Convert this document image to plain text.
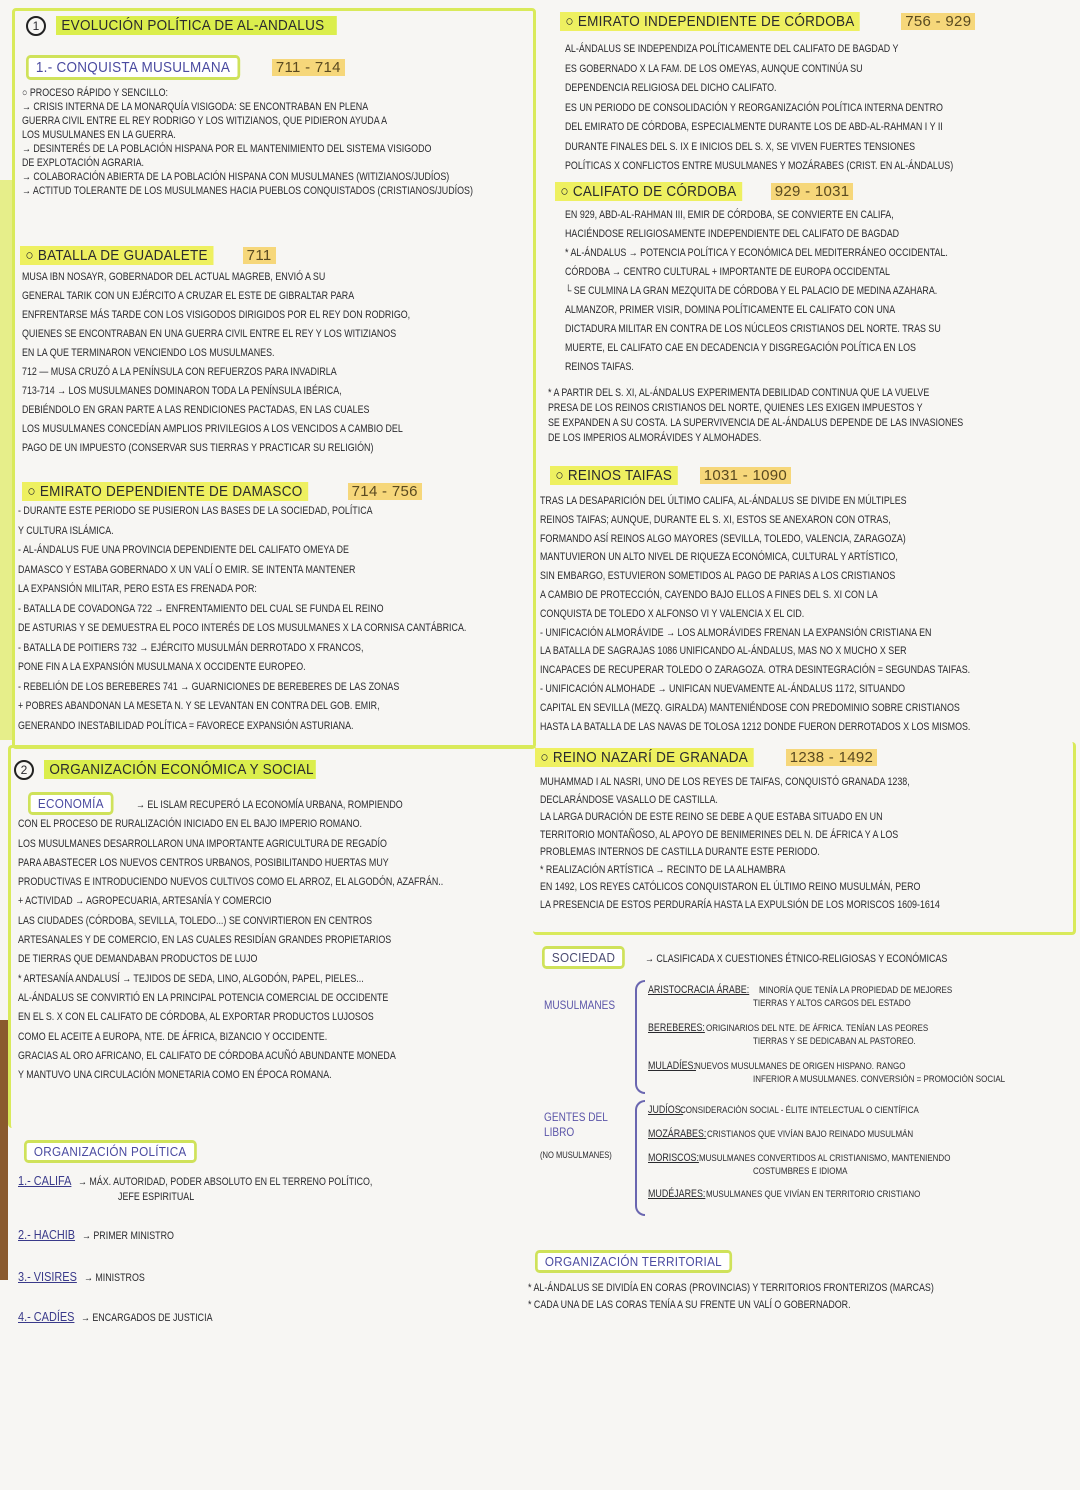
1 EVOLUCIÓN POLÍTICA DE AL-ANDALUS
1.- CONQUISTA MUSULMANA	711 - 714
○ PROCESO RÁPIDO Y SENCILLO:
→ CRISIS INTERNA DE LA MONARQUÍA VISIGODA: SE ENCONTRABAN EN PLENA
GUERRA CIVIL ENTRE EL REY RODRIGO Y LOS WITIZIANOS, QUE PIDIERON AYUDA A
LOS MUSULMANES EN LA GUERRA.
→ DESINTERÉS DE LA POBLACIÓN HISPANA POR EL MANTENIMIENTO DEL SISTEMA VISIGODO
DE EXPLOTACIÓN AGRARIA.
→ COLABORACIÓN ABIERTA DE LA POBLACIÓN HISPANA CON MUSULMANES (WITIZIANOS/JUDÍOS)
→ ACTITUD TOLERANTE DE LOS MUSULMANES HACIA PUEBLOS CONQUISTADOS (CRISTIANOS/JUDÍOS)
○ BATALLA DE GUADALETE	711
MUSA IBN NOSAYR, GOBERNADOR DEL ACTUAL MAGREB, ENVIÓ A SU
GENERAL TARIK CON UN EJÉRCITO A CRUZAR EL ESTE DE GIBRALTAR PARA
ENFRENTARSE MÁS TARDE CON LOS VISIGODOS DIRIGIDOS POR EL REY DON RODRIGO,
QUIENES SE ENCONTRABAN EN UNA GUERRA CIVIL ENTRE EL REY Y LOS WITIZIANOS
EN LA QUE TERMINARON VENCIENDO LOS MUSULMANES.
712 — MUSA CRUZÓ A LA PENÍNSULA CON REFUERZOS PARA INVADIRLA
713-714 → LOS MUSULMANES DOMINARON TODA LA PENÍNSULA IBÉRICA,
DEBIÉNDOLO EN GRAN PARTE A LAS RENDICIONES PACTADAS, EN LAS CUALES
LOS MUSULMANES CONCEDÍAN AMPLIOS PRIVILEGIOS A LOS VENCIDOS A CAMBIO DEL
PAGO DE UN IMPUESTO (CONSERVAR SUS TIERRAS Y PRACTICAR SU RELIGIÓN)
○ EMIRATO DEPENDIENTE DE DAMASCO	714 - 756
- DURANTE ESTE PERIODO SE PUSIERON LAS BASES DE LA SOCIEDAD, POLÍTICA
Y CULTURA ISLÁMICA.
- AL-ÁNDALUS FUE UNA PROVINCIA DEPENDIENTE DEL CALIFATO OMEYA DE
DAMASCO Y ESTABA GOBERNADO X UN VALÍ O EMIR. SE INTENTA MANTENER
LA EXPANSIÓN MILITAR, PERO ESTA ES FRENADA POR:
- BATALLA DE COVADONGA 722 → ENFRENTAMIENTO DEL CUAL SE FUNDA EL REINO
DE ASTURIAS Y SE DEMUESTRA EL POCO INTERÉS DE LOS MUSULMANES X LA CORNISA CANTÁBRICA.
- BATALLA DE POITIERS 732 → EJÉRCITO MUSULMÁN DERROTADO X FRANCOS,
PONE FIN A LA EXPANSIÓN MUSULMANA X OCCIDENTE EUROPEO.
- REBELIÓN DE LOS BEREBERES 741 → GUARNICIONES DE BEREBERES DE LAS ZONAS
+ POBRES ABANDONAN LA MESETA N. Y SE LEVANTAN EN CONTRA DEL GOB. EMIR,
GENERANDO INESTABILIDAD POLÍTICA = FAVORECE EXPANSIÓN ASTURIANA.
○ EMIRATO INDEPENDIENTE DE CÓRDOBA	756 - 929
AL-ÁNDALUS SE INDEPENDIZA POLÍTICAMENTE DEL CALIFATO DE BAGDAD Y
ES GOBERNADO X LA FAM. DE LOS OMEYAS, AUNQUE CONTINÚA SU
DEPENDENCIA RELIGIOSA DEL DICHO CALIFATO.
ES UN PERIODO DE CONSOLIDACIÓN Y REORGANIZACIÓN POLÍTICA INTERNA DENTRO
DEL EMIRATO DE CÓRDOBA, ESPECIALMENTE DURANTE LOS DE ABD-AL-RAHMAN I Y II
DURANTE FINALES DEL S. IX E INICIOS DEL S. X, SE VIVEN FUERTES TENSIONES
POLÍTICAS X CONFLICTOS ENTRE MUSULMANES Y MOZÁRABES (CRIST. EN AL-ÁNDALUS)
○ CALIFATO DE CÓRDOBA	929 - 1031
EN 929, ABD-AL-RAHMAN III, EMIR DE CÓRDOBA, SE CONVIERTE EN CALIFA,
HACIÉNDOSE RELIGIOSAMENTE INDEPENDIENTE DEL CALIFATO DE BAGDAD
* AL-ÁNDALUS → POTENCIA POLÍTICA Y ECONÓMICA DEL MEDITERRÁNEO OCCIDENTAL.
CÓRDOBA → CENTRO CULTURAL + IMPORTANTE DE EUROPA OCCIDENTAL
└ SE CULMINA LA GRAN MEZQUITA DE CÓRDOBA Y EL PALACIO DE MEDINA AZAHARA.
ALMANZOR, PRIMER VISIR, DOMINA POLÍTICAMENTE EL CALIFATO CON UNA
DICTADURA MILITAR EN CONTRA DE LOS NÚCLEOS CRISTIANOS DEL NORTE. TRAS SU
MUERTE, EL CALIFATO CAE EN DECADENCIA Y DISGREGACIÓN POLÍTICA EN LOS
REINOS TAIFAS.
* A PARTIR DEL S. XI, AL-ÁNDALUS EXPERIMENTA DEBILIDAD CONTINUA QUE LA VUELVE
PRESA DE LOS REINOS CRISTIANOS DEL NORTE, QUIENES LES EXIGEN IMPUESTOS Y
SE EXPANDEN A SU COSTA. LA SUPERVIVENCIA DE AL-ÁNDALUS DEPENDE DE LAS INVASIONES
DE LOS IMPERIOS ALMORÁVIDES Y ALMOHADES.
○ REINOS TAIFAS 1031 - 1090
TRAS LA DESAPARICIÓN DEL ÚLTIMO CALIFA, AL-ÁNDALUS SE DIVIDE EN MÚLTIPLES
REINOS TAIFAS; AUNQUE, DURANTE EL S. XI, ESTOS SE ANEXARON CON OTRAS,
FORMANDO ASÍ REINOS ALGO MAYORES (SEVILLA, TOLEDO, VALENCIA, ZARAGOZA)
MANTUVIERON UN ALTO NIVEL DE RIQUEZA ECONÓMICA, CULTURAL Y ARTÍSTICO,
SIN EMBARGO, ESTUVIERON SOMETIDOS AL PAGO DE PARIAS A LOS CRISTIANOS
A CAMBIO DE PROTECCIÓN, CAYENDO BAJO ELLOS A FINES DEL S. XI CON LA
CONQUISTA DE TOLEDO X ALFONSO VI Y VALENCIA X EL CID.
- UNIFICACIÓN ALMORÁVIDE → LOS ALMORÁVIDES FRENAN LA EXPANSIÓN CRISTIANA EN
LA BATALLA DE SAGRAJAS 1086 UNIFICANDO AL-ÁNDALUS, MAS NO X MUCHO X SER
INCAPACES DE RECUPERAR TOLEDO O ZARAGOZA. OTRA DESINTEGRACIÓN = SEGUNDAS TAIFAS.
- UNIFICACIÓN ALMOHADE → UNIFICAN NUEVAMENTE AL-ÁNDALUS 1172, SITUANDO
CAPITAL EN SEVILLA (MEZQ. GIRALDA) MANTENIÉNDOSE CON PREDOMINIO SOBRE CRISTIANOS
HASTA LA BATALLA DE LAS NAVAS DE TOLOSA 1212 DONDE FUERON DERROTADOS X LOS MISMOS.
○ REINO NAZARÍ DE GRANADA	1238 - 1492
MUHAMMAD I AL NASRI, UNO DE LOS REYES DE TAIFAS, CONQUISTÓ GRANADA 1238,
DECLARÁNDOSE VASALLO DE CASTILLA.
LA LARGA DURACIÓN DE ESTE REINO SE DEBE A QUE ESTABA SITUADO EN UN
TERRITORIO MONTAÑOSO, AL APOYO DE BENIMERINES DEL N. DE ÁFRICA Y A LOS
PROBLEMAS INTERNOS DE CASTILLA DURANTE ESTE PERIODO.
* REALIZACIÓN ARTÍSTICA → RECINTO DE LA ALHAMBRA
EN 1492, LOS REYES CATÓLICOS CONQUISTARON EL ÚLTIMO REINO MUSULMÁN, PERO
LA PRESENCIA DE ESTOS PERDURARÍA HASTA LA EXPULSIÓN DE LOS MORISCOS 1609-1614
2 ORGANIZACIÓN ECONÓMICA Y SOCIAL
ECONOMÍA	→ EL ISLAM RECUPERÓ LA ECONOMÍA URBANA, ROMPIENDO
CON EL PROCESO DE RURALIZACIÓN INICIADO EN EL BAJO IMPERIO ROMANO.
LOS MUSULMANES DESARROLLARON UNA IMPORTANTE AGRICULTURA DE REGADÍO
PARA ABASTECER LOS NUEVOS CENTROS URBANOS, POSIBILITANDO HUERTAS MUY
PRODUCTIVAS E INTRODUCIENDO NUEVOS CULTIVOS COMO EL ARROZ, EL ALGODÓN, AZAFRÁN..
+ ACTIVIDAD → AGROPECUARIA, ARTESANÍA Y COMERCIO
LAS CIUDADES (CÓRDOBA, SEVILLA, TOLEDO...) SE CONVIRTIERON EN CENTROS
ARTESANALES Y DE COMERCIO, EN LAS CUALES RESIDÍAN GRANDES PROPIETARIOS
DE TIERRAS QUE DEMANDABAN PRODUCTOS DE LUJO
* ARTESANÍA ANDALUSÍ → TEJIDOS DE SEDA, LINO, ALGODÓN, PAPEL, PIELES...
AL-ÁNDALUS SE CONVIRTIÓ EN LA PRINCIPAL POTENCIA COMERCIAL DE OCCIDENTE
EN EL S. X CON EL CALIFATO DE CÓRDOBA, AL EXPORTAR PRODUCTOS LUJOSOS
COMO EL ACEITE A EUROPA, NTE. DE ÁFRICA, BIZANCIO Y OCCIDENTE.
GRACIAS AL ORO AFRICANO, EL CALIFATO DE CÓRDOBA ACUÑÓ ABUNDANTE MONEDA
Y MANTUVO UNA CIRCULACIÓN MONETARIA COMO EN ÉPOCA ROMANA.
ORGANIZACIÓN POLÍTICA
1.- CALIFA → MÁX. AUTORIDAD, PODER ABSOLUTO EN EL TERRENO POLÍTICO,
JEFE ESPIRITUAL
2.- HACHIB → PRIMER MINISTRO
3.- VISIRES → MINISTROS
4.- CADÍES → ENCARGADOS DE JUSTICIA
SOCIEDAD	→ CLASIFICADA X CUESTIONES ÉTNICO-RELIGIOSAS Y ECONÓMICAS
MUSULMANES
ARISTOCRACIA ÁRABE: MINORÍA QUE TENÍA LA PROPIEDAD DE MEJORES
TIERRAS Y ALTOS CARGOS DEL ESTADO
BEREBERES:ORIGINARIOS DEL NTE. DE ÁFRICA. TENÍAN LAS PEORES
TIERRAS Y SE DEDICABAN AL PASTOREO.
MULADÍES:NUEVOS MUSULMANES DE ORIGEN HISPANO. RANGO
INFERIOR A MUSULMANES. CONVERSIÓN = PROMOCIÓN SOCIAL
GENTES DEL LIBRO
(NO MUSULMANES)
JUDÍOS:CONSIDERACIÓN SOCIAL - ÉLITE INTELECTUAL O CIENTÍFICA
MOZÁRABES:CRISTIANOS QUE VIVÍAN BAJO REINADO MUSULMÁN
MORISCOS:MUSULMANES CONVERTIDOS AL CRISTIANISMO, MANTENIENDO
COSTUMBRES E IDIOMA
MUDÉJARES:MUSULMANES QUE VIVÍAN EN TERRITORIO CRISTIANO
ORGANIZACIÓN TERRITORIAL
* AL-ÁNDALUS SE DIVIDÍA EN CORAS (PROVINCIAS) Y TERRITORIOS FRONTERIZOS (MARCAS)
* CADA UNA DE LAS CORAS TENÍA A SU FRENTE UN VALÍ O GOBERNADOR.
